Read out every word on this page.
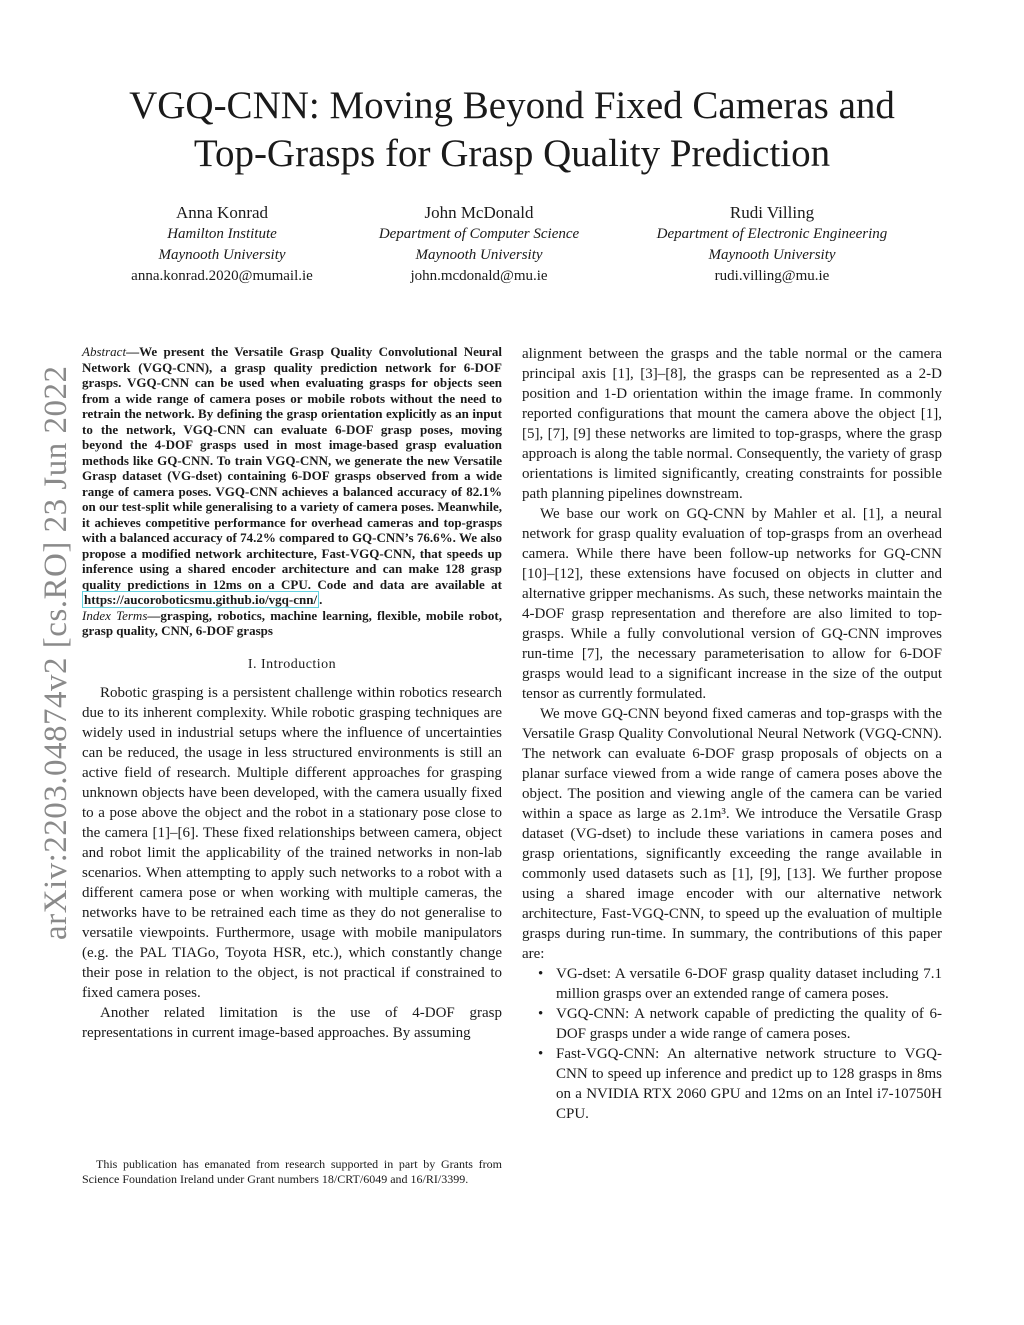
arXiv:2203.04874v2 [cs.RO] 23 Jun 2022
VGQ-CNN: Moving Beyond Fixed Cameras and
Top-Grasps for Grasp Quality Prediction
Anna Konrad
Hamilton Institute
Maynooth University
anna.konrad.2020@mumail.ie
John McDonald
Department of Computer Science
Maynooth University
john.mcdonald@mu.ie
Rudi Villing
Department of Electronic Engineering
Maynooth University
rudi.villing@mu.ie
Abstract—We present the Versatile Grasp Quality Convolutional Neural Network (VGQ-CNN), a grasp quality prediction network for 6-DOF grasps. VGQ-CNN can be used when evaluating grasps for objects seen from a wide range of camera poses or mobile robots without the need to retrain the network. By defining the grasp orientation explicitly as an input to the network, VGQ-CNN can evaluate 6-DOF grasp poses, moving beyond the 4-DOF grasps used in most image-based grasp evaluation methods like GQ-CNN. To train VGQ-CNN, we generate the new Versatile Grasp dataset (VG-dset) containing 6-DOF grasps observed from a wide range of camera poses. VGQ-CNN achieves a balanced accuracy of 82.1% on our test-split while generalising to a variety of camera poses. Meanwhile, it achieves competitive performance for overhead cameras and top-grasps with a balanced accuracy of 74.2% compared to GQ-CNN’s 76.6%. We also propose a modified network architecture, Fast-VGQ-CNN, that speeds up inference using a shared encoder architecture and can make 128 grasp quality predictions in 12ms on a CPU. Code and data are available at https://aucoroboticsmu.github.io/vgq-cnn/ .
Index Terms—grasping, robotics, machine learning, flexible, mobile robot, grasp quality, CNN, 6-DOF grasps
I. Introduction

Robotic grasping is a persistent challenge within robotics research due to its inherent complexity. While robotic grasping techniques are widely used in industrial setups where the influence of uncertainties can be reduced, the usage in less structured environments is still an active field of research. Multiple different approaches for grasping unknown objects have been developed, with the camera usually fixed to a pose above the object and the robot in a stationary pose close to the camera [1]–[6]. These fixed relationships between camera, object and robot limit the applicability of the trained networks in non-lab scenarios. When attempting to apply such networks to a robot with a different camera pose or when working with multiple cameras, the networks have to be retrained each time as they do not generalise to versatile viewpoints. Furthermore, usage with mobile manipulators (e.g. the PAL TIAGo, Toyota HSR, etc.), which constantly change their pose in relation to the object, is not practical if constrained to fixed camera poses.

Another related limitation is the use of 4-DOF grasp representations in current image-based approaches. By assuming

This publication has emanated from research supported in part by Grants from Science Foundation Ireland under Grant numbers 18/CRT/6049 and 16/RI/3399.

alignment between the grasps and the table normal or the camera principal axis [1], [3]–[8], the grasps can be represented as a 2-D position and 1-D orientation within the image frame. In commonly reported configurations that mount the camera above the object [1], [5], [7], [9] these networks are limited to top-grasps, where the grasp approach is along the table normal. Consequently, the variety of grasp orientations is limited significantly, creating constraints for possible path planning pipelines downstream.

We base our work on GQ-CNN by Mahler et al. [1], a neural network for grasp quality evaluation of top-grasps from an overhead camera. While there have been follow-up networks for GQ-CNN [10]–[12], these extensions have focused on objects in clutter and alternative gripper mechanisms. As such, these networks maintain the 4-DOF grasp representation and therefore are also limited to top-grasps. While a fully convolutional version of GQ-CNN improves run-time [7], the necessary parameterisation to allow for 6-DOF grasps would lead to a significant increase in the size of the output tensor as currently formulated.

We move GQ-CNN beyond fixed cameras and top-grasps with the Versatile Grasp Quality Convolutional Neural Network (VGQ-CNN). The network can evaluate 6-DOF grasp proposals of objects on a planar surface viewed from a wide range of camera poses above the object. The position and viewing angle of the camera can be varied within a space as large as 2.1m³. We introduce the Versatile Grasp dataset (VG-dset) to include these variations in camera poses and grasp orientations, significantly exceeding the range available in commonly used datasets such as [1], [9], [13]. We further propose using a shared image encoder with our alternative network architecture, Fast-VGQ-CNN, to speed up the evaluation of multiple grasps during run-time. In summary, the contributions of this paper are:

• VG-dset: A versatile 6-DOF grasp quality dataset including 7.1 million grasps over an extended range of camera poses.
• VGQ-CNN: A network capable of predicting the quality of 6-DOF grasps under a wide range of camera poses.
• Fast-VGQ-CNN: An alternative network structure to VGQ-CNN to speed up inference and predict up to 128 grasps in 8ms on a NVIDIA RTX 2060 GPU and 12ms on an Intel i7-10750H CPU.
